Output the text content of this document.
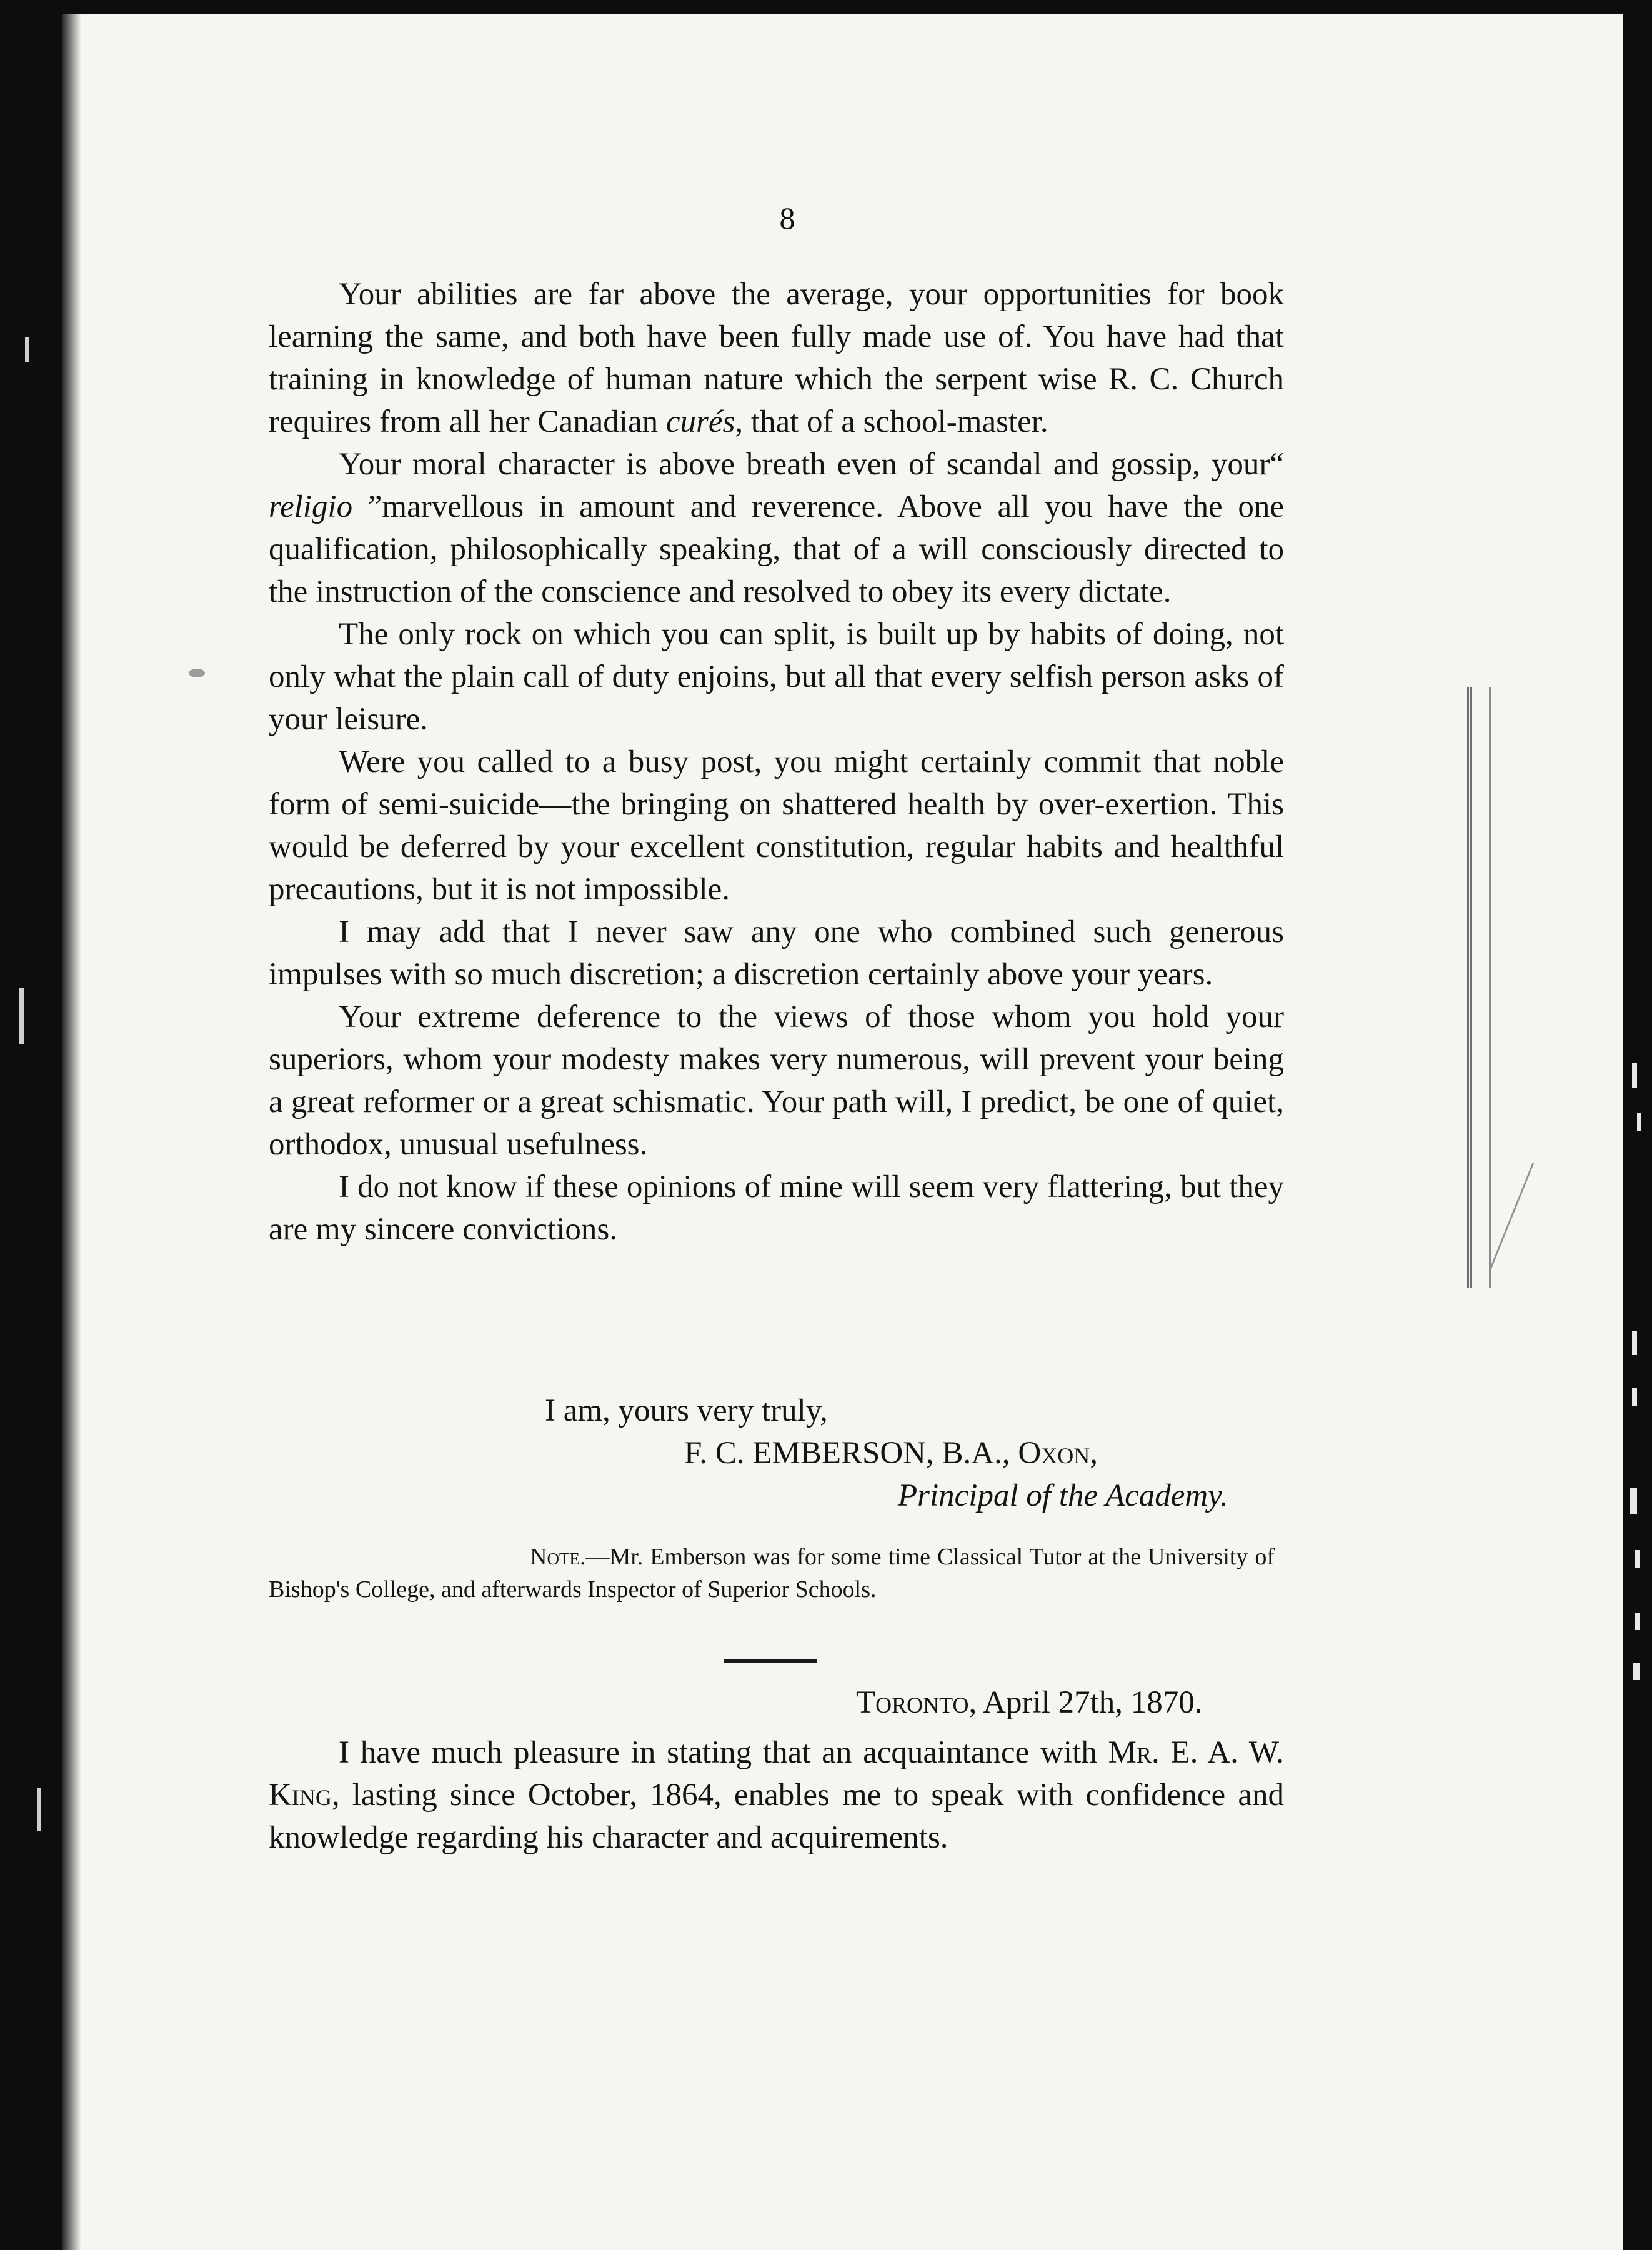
8

Your abilities are far above the average, your opportunities for book learning the same, and both have been fully made use of. You have had that training in knowledge of human nature which the serpent wise R. C. Church requires from all her Canadian curés, that of a school-master.

Your moral character is above breath even of scandal and gossip, your“ religio ”marvellous in amount and reverence. Above all you have the one qualification, philosophically speaking, that of a will consciously directed to the instruction of the conscience and resolved to obey its every dictate.

The only rock on which you can split, is built up by habits of doing, not only what the plain call of duty enjoins, but all that every selfish person asks of your leisure.

Were you called to a busy post, you might certainly commit that noble form of semi-suicide—the bringing on shattered health by over-exertion. This would be deferred by your excellent constitution, regular habits and healthful precautions, but it is not impossible.

I may add that I never saw any one who combined such generous impulses with so much discretion; a discretion certainly above your years.

Your extreme deference to the views of those whom you hold your superiors, whom your modesty makes very numerous, will prevent your being a great reformer or a great schismatic. Your path will, I predict, be one of quiet, orthodox, unusual usefulness.

I do not know if these opinions of mine will seem very flattering, but they are my sincere convictions.

I am, yours very truly,
F. C. EMBERSON, B.A., Oxon,
Principal of the Academy.
Note.—Mr. Emberson was for some time Classical Tutor at the University of Bishop's College, and afterwards Inspector of Superior Schools.
Toronto, April 27th, 1870.

I have much pleasure in stating that an acquaintance with Mr. E. A. W. King, lasting since October, 1864, enables me to speak with confidence and knowledge regarding his character and acquirements.
